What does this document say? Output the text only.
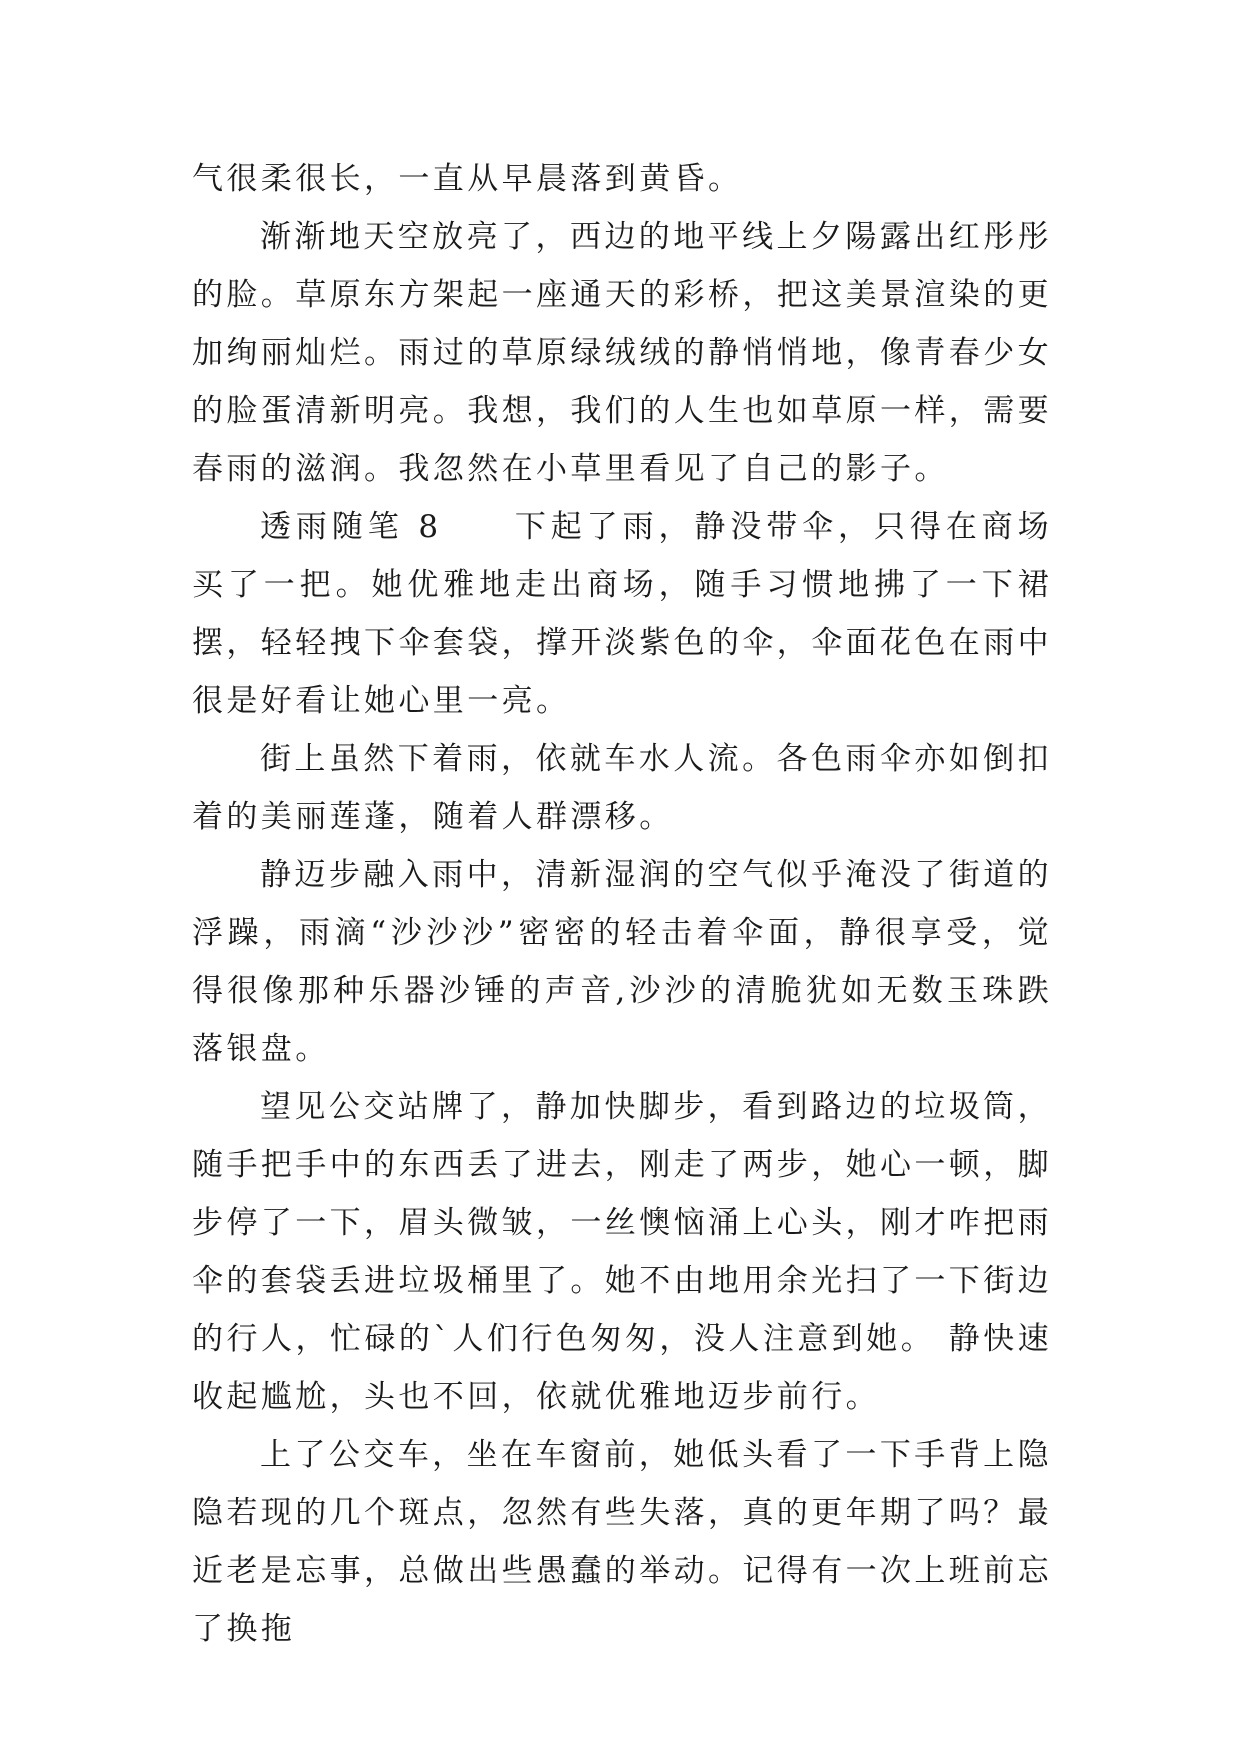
气很柔很长，一直从早晨落到黄昏。

渐渐地天空放亮了，西边的地平线上夕陽露出红彤彤的脸。草原东方架起一座通天的彩桥，把这美景渲染的更加绚丽灿烂。雨过的草原绿绒绒的静悄悄地，像青春少女的脸蛋清新明亮。我想，我们的人生也如草原一样，需要春雨的滋润。我忽然在小草里看见了自己的影子。

透雨随笔 8　　下起了雨，静没带伞，只得在商场买了一把。她优雅地走出商场，随手习惯地拂了一下裙摆，轻轻拽下伞套袋，撑开淡紫色的伞，伞面花色在雨中很是好看让她心里一亮。

街上虽然下着雨，依就车水人流。各色雨伞亦如倒扣着的美丽莲蓬，随着人群漂移。

静迈步融入雨中，清新湿润的空气似乎淹没了街道的浮躁，雨滴“沙沙沙”密密的轻击着伞面，静很享受，觉得很像那种乐器沙锤的声音,沙沙的清脆犹如无数玉珠跌落银盘。

望见公交站牌了，静加快脚步，看到路边的垃圾筒，随手把手中的东西丢了进去，刚走了两步，她心一顿，脚步停了一下，眉头微皱，一丝懊恼涌上心头，刚才咋把雨伞的套袋丢进垃圾桶里了。她不由地用余光扫了一下街边的行人，忙碌的`人们行色匆匆，没人注意到她。 静快速收起尴尬，头也不回，依就优雅地迈步前行。

上了公交车，坐在车窗前，她低头看了一下手背上隐隐若现的几个斑点，忽然有些失落，真的更年期了吗？最近老是忘事，总做出些愚蠢的举动。记得有一次上班前忘了换拖
